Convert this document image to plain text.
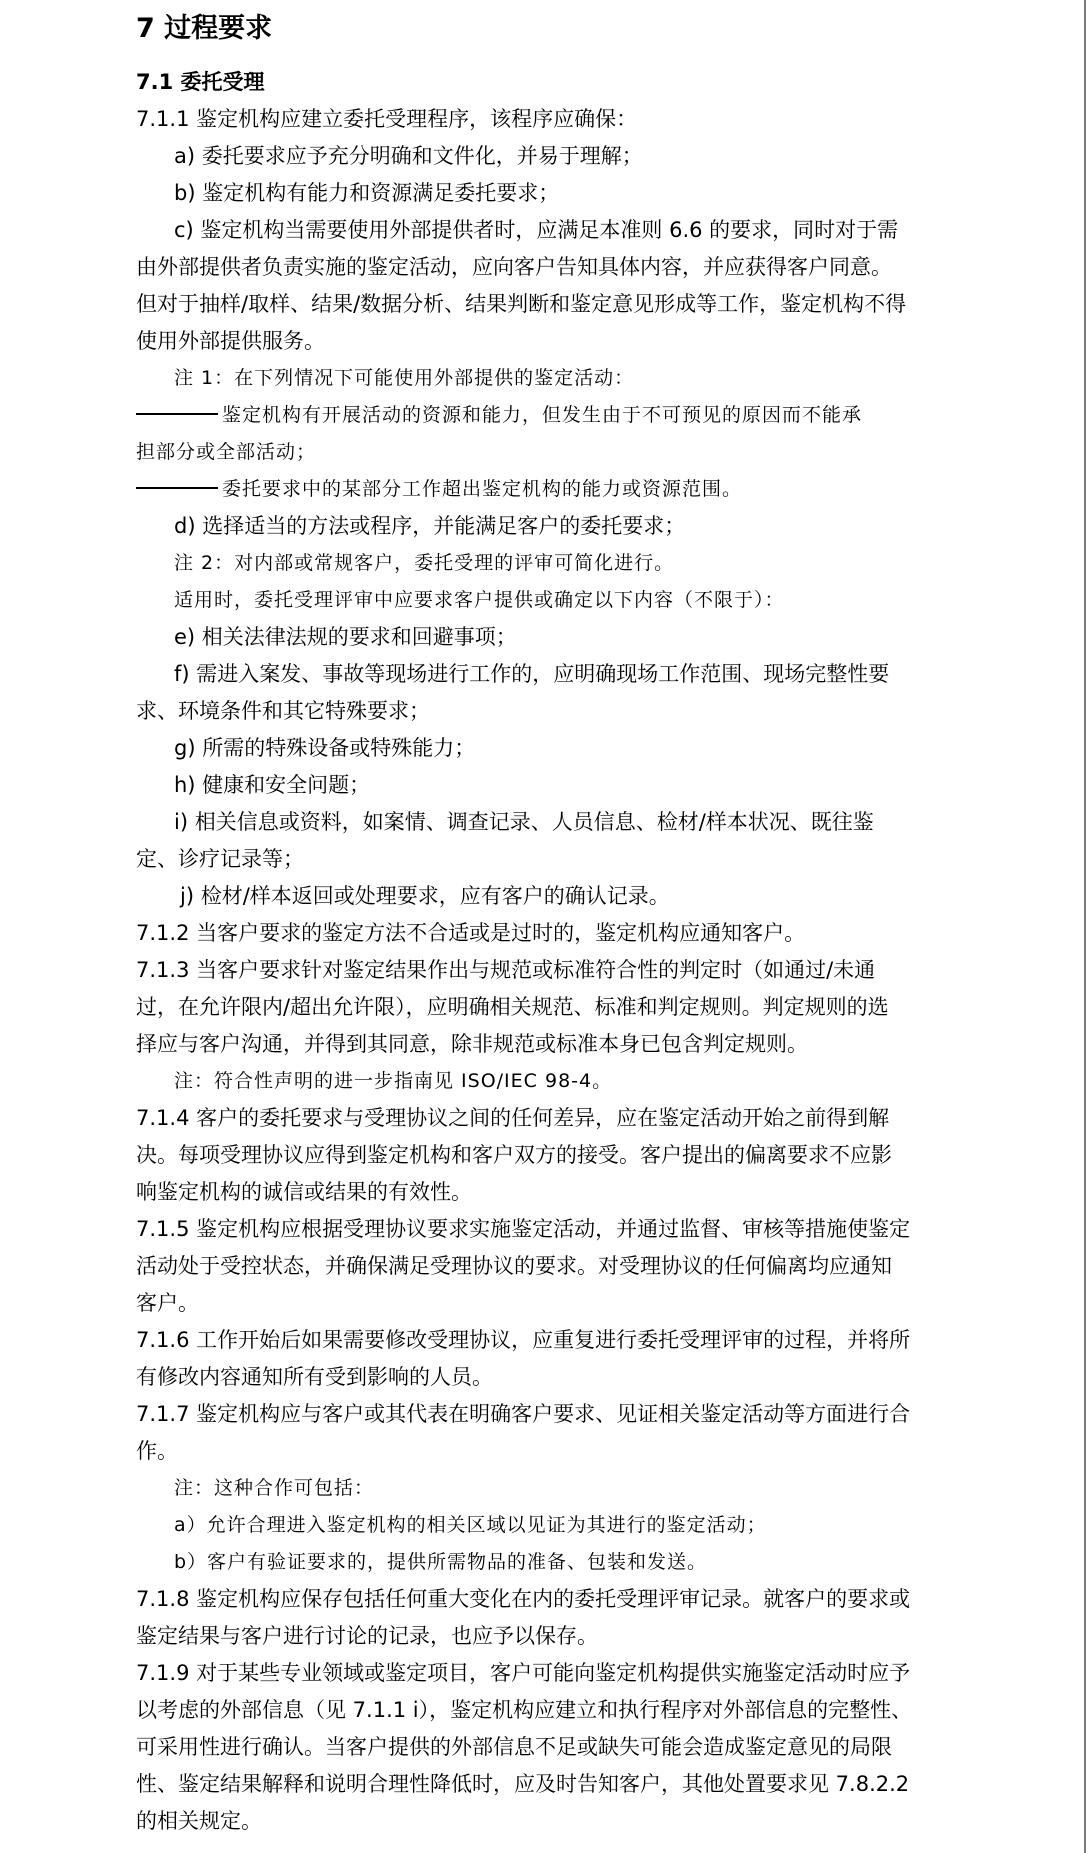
7 过程要求
7.1 委托受理
7.1.1 鉴定机构应建立委托受理程序，该程序应确保：
a) 委托要求应予充分明确和文件化，并易于理解；
b) 鉴定机构有能力和资源满足委托要求；
c) 鉴定机构当需要使用外部提供者时，应满足本准则 6.6 的要求，同时对于需
由外部提供者负责实施的鉴定活动，应向客户告知具体内容，并应获得客户同意。
但对于抽样/取样、结果/数据分析、结果判断和鉴定意见形成等工作，鉴定机构不得
使用外部提供服务。
注 1：在下列情况下可能使用外部提供的鉴定活动：
鉴定机构有开展活动的资源和能力，但发生由于不可预见的原因而不能承
担部分或全部活动；
委托要求中的某部分工作超出鉴定机构的能力或资源范围。
d) 选择适当的方法或程序，并能满足客户的委托要求；
注 2：对内部或常规客户，委托受理的评审可简化进行。
适用时，委托受理评审中应要求客户提供或确定以下内容（不限于）：
e) 相关法律法规的要求和回避事项；
f) 需进入案发、事故等现场进行工作的，应明确现场工作范围、现场完整性要
求、环境条件和其它特殊要求；
g) 所需的特殊设备或特殊能力；
h) 健康和安全问题；
i) 相关信息或资料，如案情、调查记录、人员信息、检材/样本状况、既往鉴
定、诊疗记录等；
j) 检材/样本返回或处理要求，应有客户的确认记录。
7.1.2 当客户要求的鉴定方法不合适或是过时的，鉴定机构应通知客户。
7.1.3 当客户要求针对鉴定结果作出与规范或标准符合性的判定时（如通过/未通
过，在允许限内/超出允许限），应明确相关规范、标准和判定规则。判定规则的选
择应与客户沟通，并得到其同意，除非规范或标准本身已包含判定规则。
注：符合性声明的进一步指南见 ISO/IEC 98-4。
7.1.4 客户的委托要求与受理协议之间的任何差异，应在鉴定活动开始之前得到解
决。每项受理协议应得到鉴定机构和客户双方的接受。客户提出的偏离要求不应影
响鉴定机构的诚信或结果的有效性。
7.1.5 鉴定机构应根据受理协议要求实施鉴定活动，并通过监督、审核等措施使鉴定
活动处于受控状态，并确保满足受理协议的要求。对受理协议的任何偏离均应通知
客户。
7.1.6 工作开始后如果需要修改受理协议，应重复进行委托受理评审的过程，并将所
有修改内容通知所有受到影响的人员。
7.1.7 鉴定机构应与客户或其代表在明确客户要求、见证相关鉴定活动等方面进行合
作。
注：这种合作可包括：
a）允许合理进入鉴定机构的相关区域以见证为其进行的鉴定活动；
b）客户有验证要求的，提供所需物品的准备、包装和发送。
7.1.8 鉴定机构应保存包括任何重大变化在内的委托受理评审记录。就客户的要求或
鉴定结果与客户进行讨论的记录，也应予以保存。
7.1.9 对于某些专业领域或鉴定项目，客户可能向鉴定机构提供实施鉴定活动时应予
以考虑的外部信息（见 7.1.1 i），鉴定机构应建立和执行程序对外部信息的完整性、
可采用性进行确认。当客户提供的外部信息不足或缺失可能会造成鉴定意见的局限
性、鉴定结果解释和说明合理性降低时，应及时告知客户，其他处置要求见 7.8.2.2
的相关规定。
